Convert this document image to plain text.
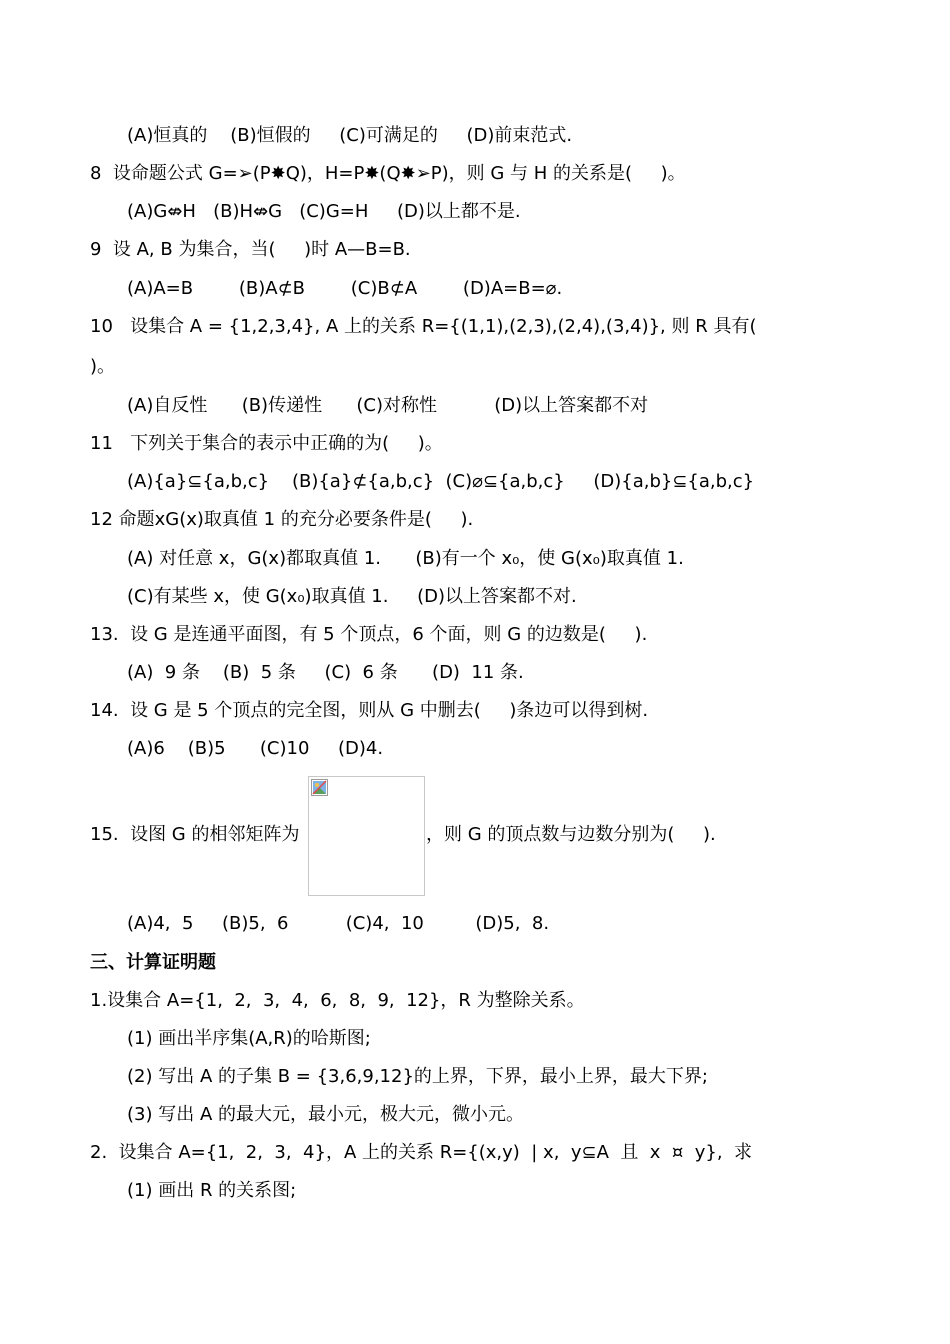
(A)恒真的    (B)恒假的     (C)可满足的     (D)前束范式.
8  设命题公式 G=➢(P✸Q)，H=P✸(Q✸➢P)，则 G 与 H 的关系是(     )。
(A)G⇎H   (B)H⇎G   (C)G=H     (D)以上都不是.
9  设 A, B 为集合，当(     )时 A—B=B.
(A)A=B        (B)A⊄B        (C)B⊄A        (D)A=B=⌀.
10   设集合 A = {1,2,3,4}, A 上的关系 R={(1,1),(2,3),(2,4),(3,4)}, 则 R 具有(
)。
(A)自反性      (B)传递性      (C)对称性          (D)以上答案都不对
11   下列关于集合的表示中正确的为(     )。
(A){a}⊆{a,b,c}    (B){a}⊄{a,b,c}  (C)⌀⊆{a,b,c}     (D){a,b}⊆{a,b,c}
12 命题xG(x)取真值 1 的充分必要条件是(     ).
(A) 对任意 x，G(x)都取真值 1.      (B)有一个 x₀，使 G(x₀)取真值 1.
(C)有某些 x，使 G(x₀)取真值 1.     (D)以上答案都不对.
13.  设 G 是连通平面图，有 5 个顶点，6 个面，则 G 的边数是(     ).
(A)  9 条    (B)  5 条     (C)  6 条      (D)  11 条.
14.  设 G 是 5 个顶点的完全图，则从 G 中删去(     )条边可以得到树.
(A)6    (B)5      (C)10     (D)4.
15.  设图 G 的相邻矩阵为	，则 G 的顶点数与边数分别为(     ).
(A)4,  5     (B)5,  6          (C)4,  10         (D)5,  8.
三、计算证明题
1.设集合 A={1,  2,  3,  4,  6,  8,  9,  12}，R 为整除关系。
(1) 画出半序集(A,R)的哈斯图;
(2) 写出 A 的子集 B = {3,6,9,12}的上界，下界，最小上界，最大下界;
(3) 写出 A 的最大元，最小元，极大元，微小元。
2.  设集合 A={1,  2,  3,  4}，A 上的关系 R={(x,y)  | x,  y⊆A  且  x  ¤  y},  求
(1) 画出 R 的关系图;
